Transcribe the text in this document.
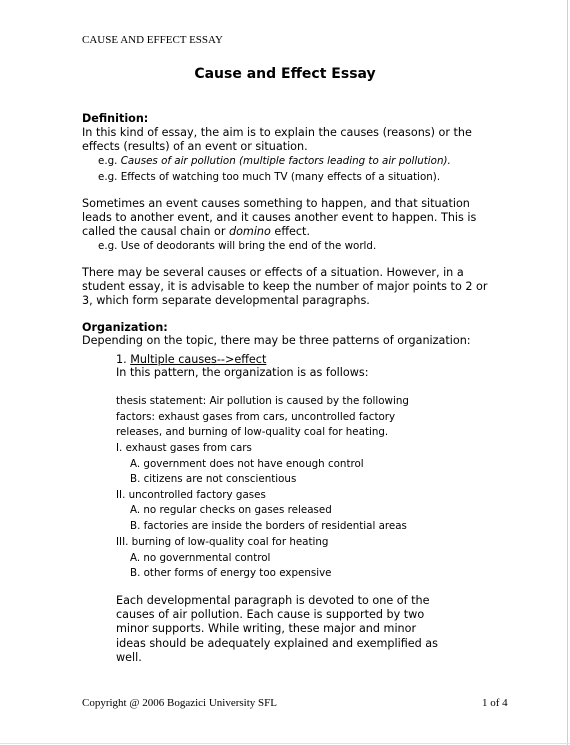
CAUSE AND EFFECT ESSAY
Cause and Effect Essay
Definition:

In this kind of essay, the aim is to explain the causes (reasons) or the effects (results) of an event or situation.

e.g. Causes of air pollution (multiple factors leading to air pollution).
e.g. Effects of watching too much TV (many effects of a situation).

Sometimes an event causes something to happen, and that situation leads to another event, and it causes another event to happen. This is called the causal chain or domino effect.

e.g. Use of deodorants will bring the end of the world.

There may be several causes or effects of a situation. However, in a student essay, it is advisable to keep the number of major points to 2 or 3, which form separate developmental paragraphs.

Organization:

Depending on the topic, there may be three patterns of organization:

1. Multiple causes-->effect
In this pattern, the organization is as follows:

thesis statement: Air pollution is caused by the following factors: exhaust gases from cars, uncontrolled factory releases, and burning of low-quality coal for heating.

I. exhaust gases from cars
A. government does not have enough control
B. citizens are not conscientious
II. uncontrolled factory gases
A. no regular checks on gases released
B. factories are inside the borders of residential areas
III. burning of low-quality coal for heating
A. no governmental control
B. other forms of energy too expensive

Each developmental paragraph is devoted to one of the causes of air pollution. Each cause is supported by two minor supports. While writing, these major and minor ideas should be adequately explained and exemplified as well.

Copyright @ 2006 Bogazici University SFL	1 of 4
